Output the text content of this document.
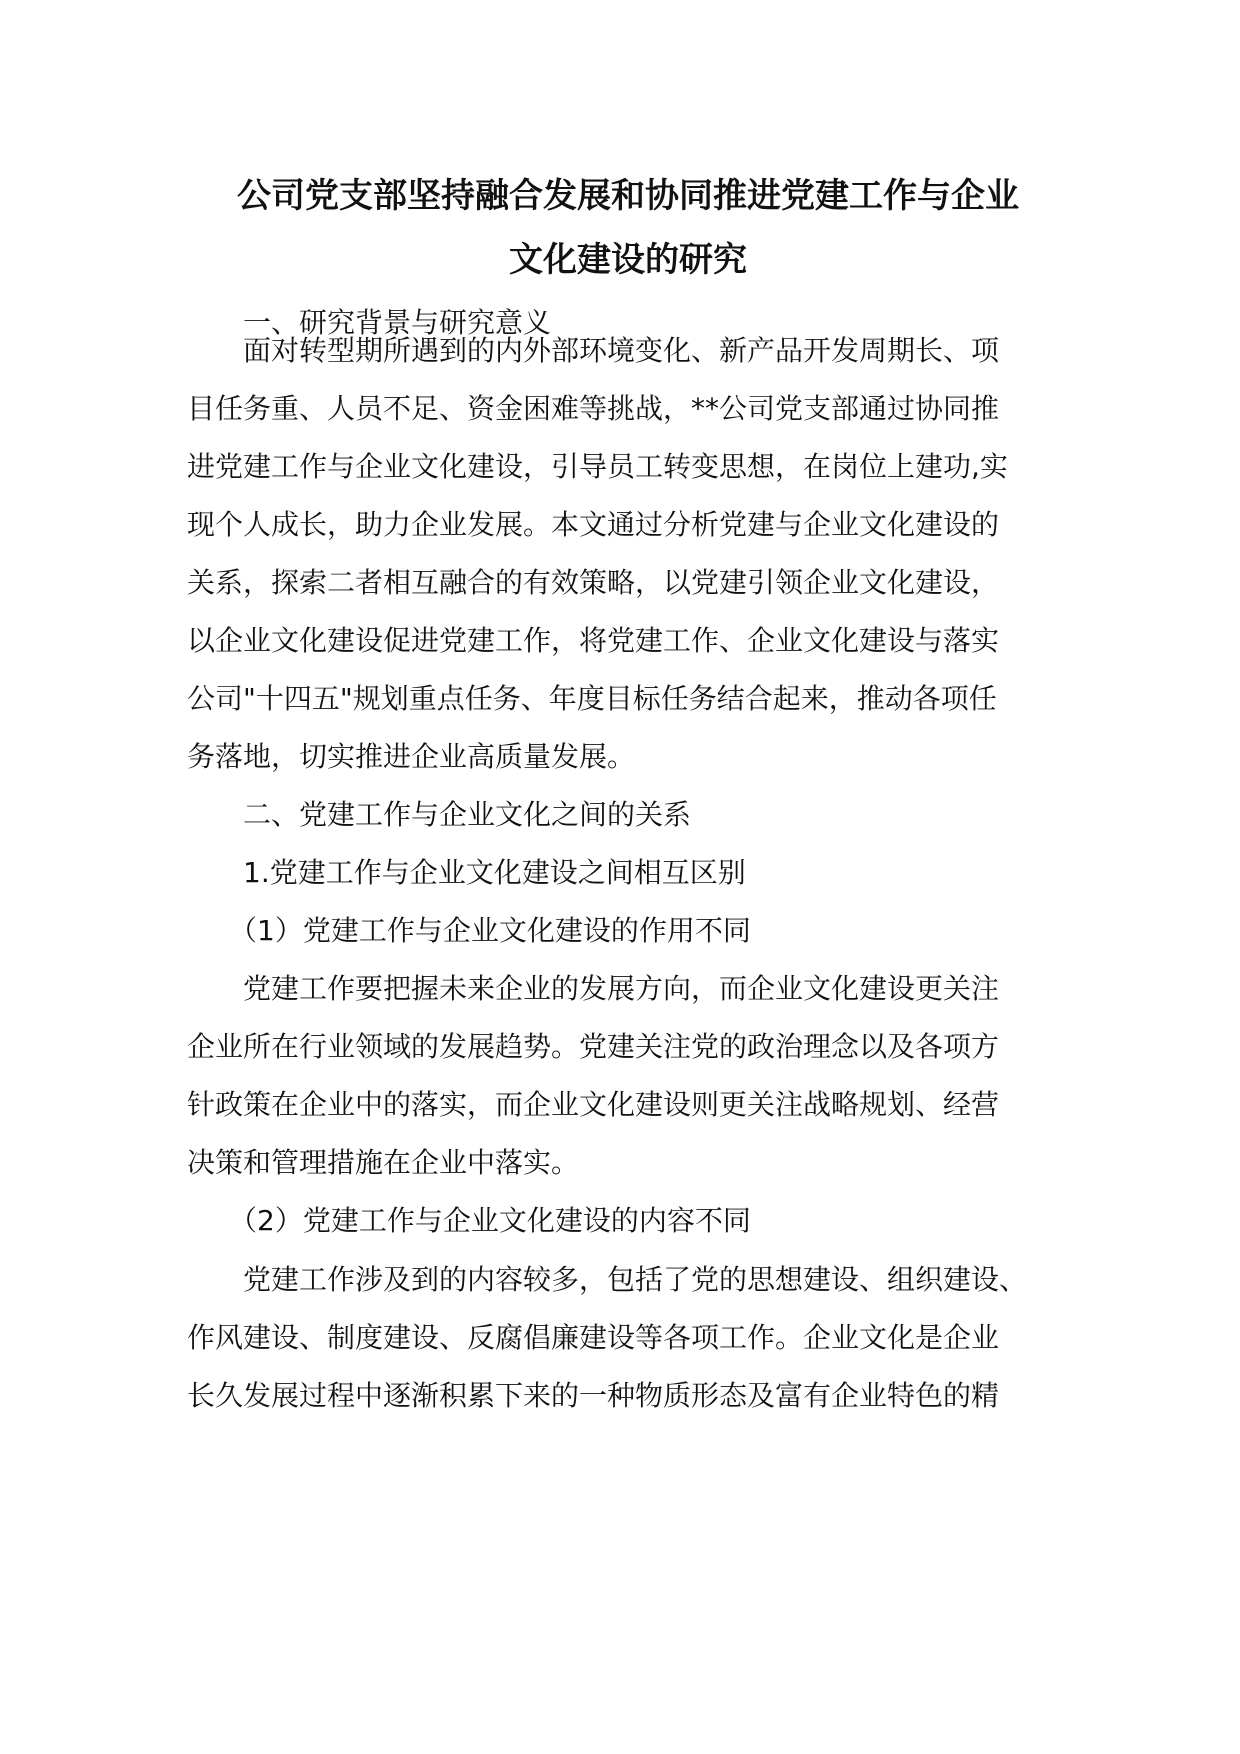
公司党支部坚持融合发展和协同推进党建工作与企业
文化建设的研究

　　一、研究背景与研究意义

　　面对转型期所遇到的内外部环境变化、新产品开发周期长、项

目任务重、人员不足、资金困难等挑战，**公司党支部通过协同推

进党建工作与企业文化建设，引导员工转变思想，在岗位上建功,实

现个人成长，助力企业发展。本文通过分析党建与企业文化建设的

关系，探索二者相互融合的有效策略，以党建引领企业文化建设，

以企业文化建设促进党建工作，将党建工作、企业文化建设与落实

公司"十四五"规划重点任务、年度目标任务结合起来，推动各项任

务落地，切实推进企业高质量发展。

　　二、党建工作与企业文化之间的关系

　　1.党建工作与企业文化建设之间相互区别

　　（1）党建工作与企业文化建设的作用不同

　　党建工作要把握未来企业的发展方向，而企业文化建设更关注

企业所在行业领域的发展趋势。党建关注党的政治理念以及各项方

针政策在企业中的落实，而企业文化建设则更关注战略规划、经营

决策和管理措施在企业中落实。

　　（2）党建工作与企业文化建设的内容不同

　　党建工作涉及到的内容较多，包括了党的思想建设、组织建设、

作风建设、制度建设、反腐倡廉建设等各项工作。企业文化是企业

长久发展过程中逐渐积累下来的一种物质形态及富有企业特色的精
